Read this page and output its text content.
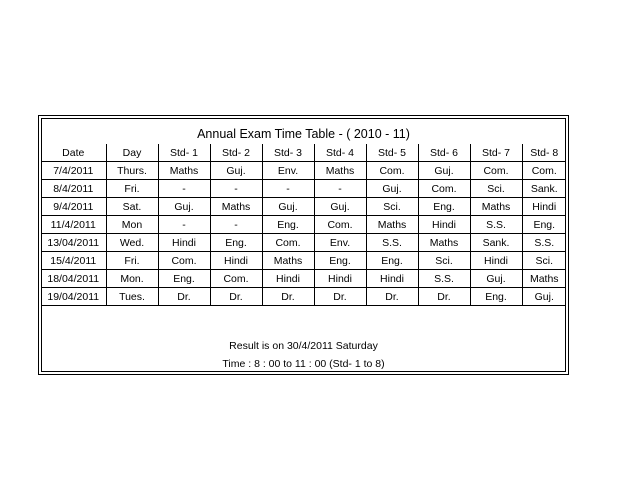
Annual Exam Time Table - ( 2010 - 11)
Date	Day	Std- 1	Std- 2	Std- 3	Std- 4	Std- 5	Std- 6	Std- 7	Std- 8
7/4/2011	Thurs.	Maths	Guj.	Env.	Maths	Com.	Guj.	Com.	Com.
8/4/2011	Fri.	-	-	-	-	Guj.	Com.	Sci.	Sank.
9/4/2011	Sat.	Guj.	Maths	Guj.	Guj.	Sci.	Eng.	Maths	Hindi
11/4/2011	Mon	-	-	Eng.	Com.	Maths	Hindi	S.S.	Eng.
13/04/2011	Wed.	Hindi	Eng.	Com.	Env.	S.S.	Maths	Sank.	S.S.
15/4/2011	Fri.	Com.	Hindi	Maths	Eng.	Eng.	Sci.	Hindi	Sci.
18/04/2011	Mon.	Eng.	Com.	Hindi	Hindi	Hindi	S.S.	Guj.	Maths
19/04/2011	Tues.	Dr.	Dr.	Dr.	Dr.	Dr.	Dr.	Eng.	Guj.
Result is on 30/4/2011 Saturday
Time : 8 : 00 to 11 : 00 (Std- 1 to 8)
